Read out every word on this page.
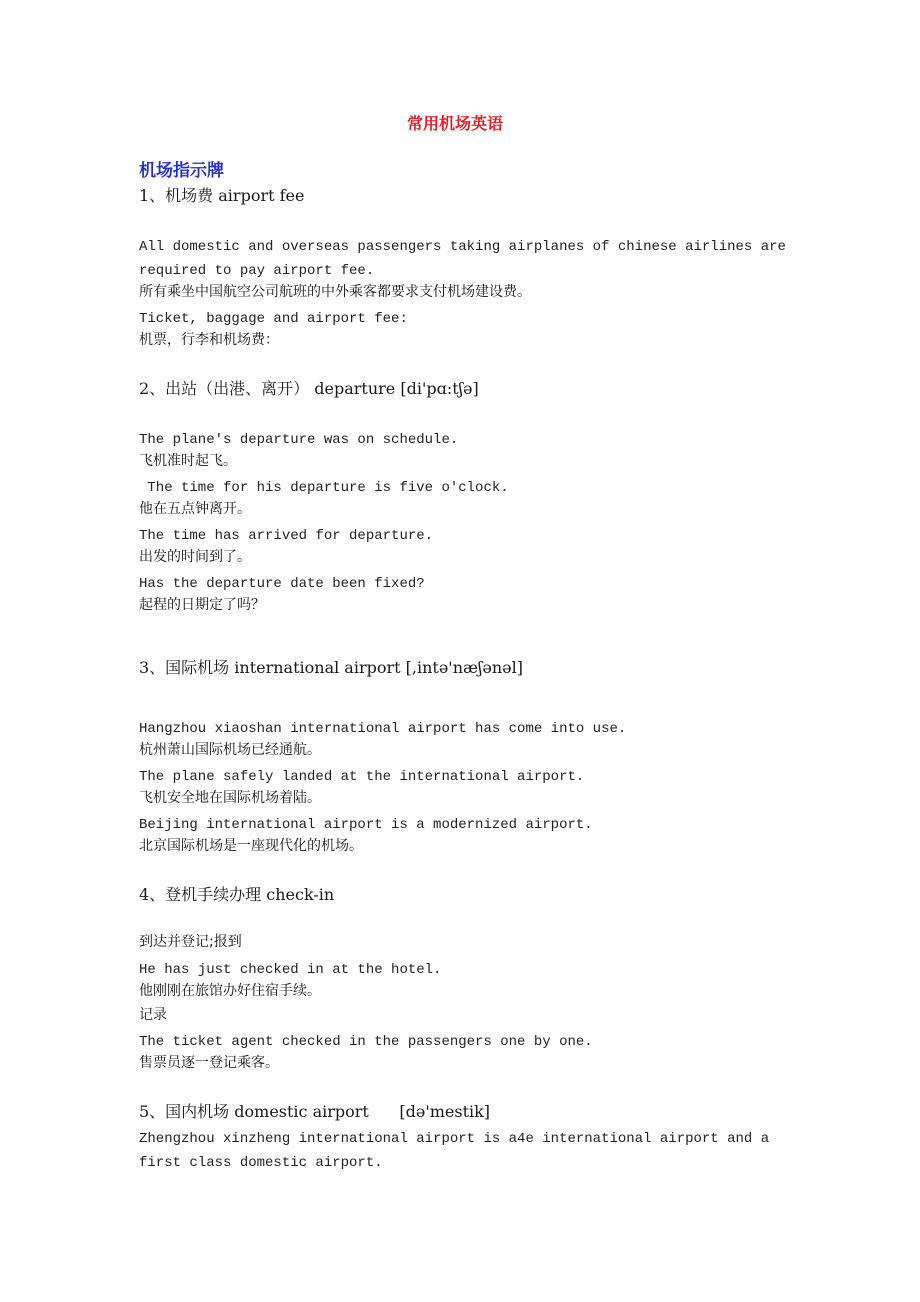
常用机场英语
机场指示牌
1、机场费 airport fee
All domestic and overseas passengers taking airplanes of chinese airlines are
required to pay airport fee.
所有乘坐中国航空公司航班的中外乘客都要求支付机场建设费。
Ticket, baggage and airport fee:
机票，行李和机场费：
2、出站（出港、离开） departure [di'pɑ:tʃə]
The plane's departure was on schedule.
飞机准时起飞。
The time for his departure is five o'clock.
他在五点钟离开。
The time has arrived for departure.
出发的时间到了。
Has the departure date been fixed?
起程的日期定了吗？
3、国际机场 international airport [,intə'næʃənəl]
Hangzhou xiaoshan international airport has come into use.
杭州萧山国际机场已经通航。
The plane safely landed at the international airport.
飞机安全地在国际机场着陆。
Beijing international airport is a modernized airport.
北京国际机场是一座现代化的机场。
4、登机手续办理 check-in
到达并登记;报到
He has just checked in at the hotel.
他刚刚在旅馆办好住宿手续。
记录
The ticket agent checked in the passengers one by one.
售票员逐一登记乘客。
5、国内机场 domestic airport      [də'mestik]
Zhengzhou xinzheng international airport is a4e international airport and a
first class domestic airport.
